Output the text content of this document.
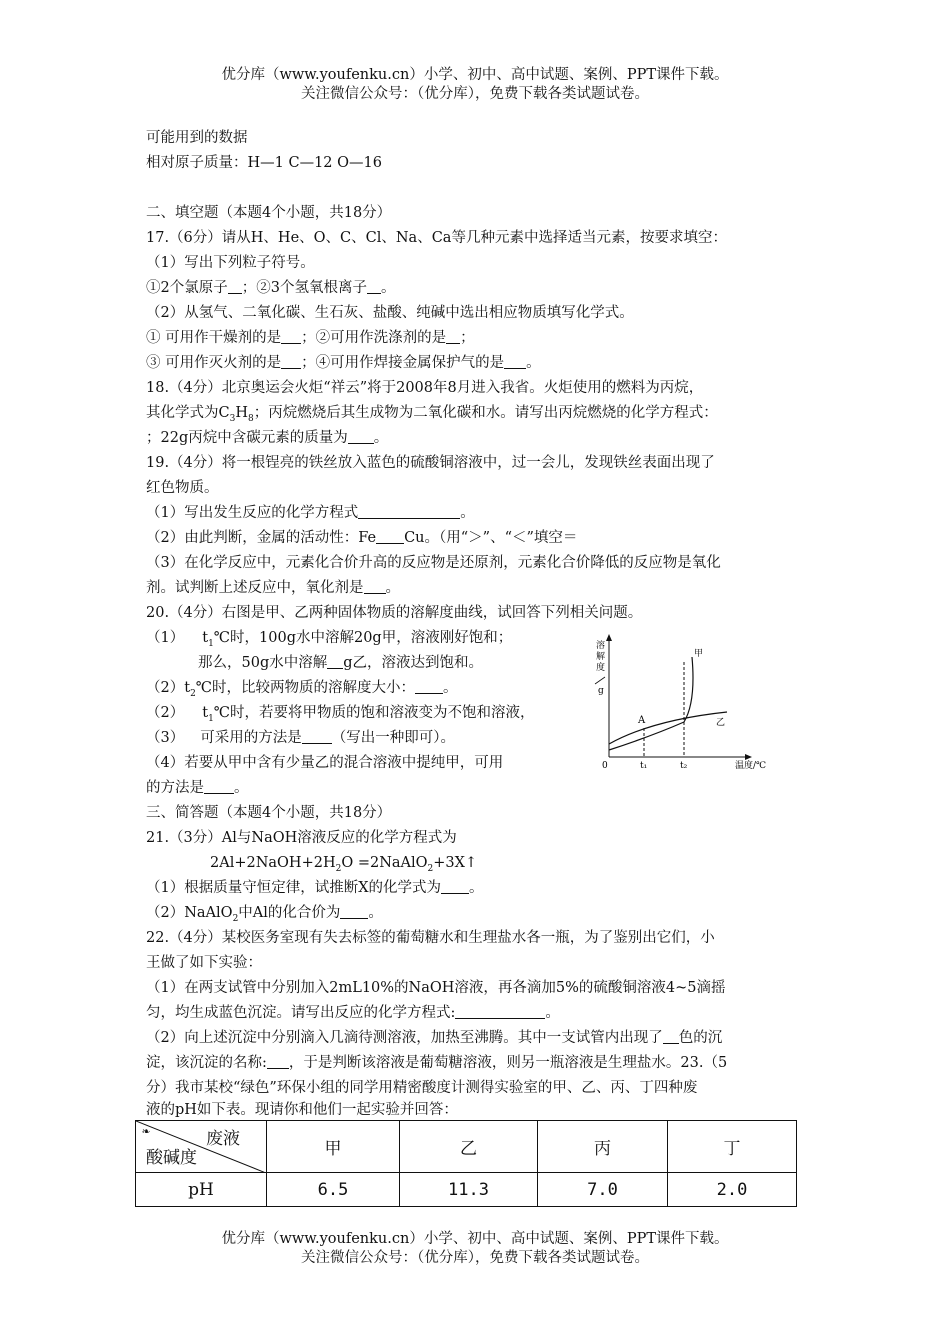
优分库（www.youfenku.cn）小学、初中、高中试题、案例、PPT课件下载。
关注微信公众号：（优分库），免费下载各类试题试卷。
可能用到的数据
相对原子质量：H—1 C—12 O—16
二、填空题（本题4个小题，共18分）
17.（6分）请从H、He、O、C、Cl、Na、Ca等几种元素中选择适当元素，按要求填空：
（1）写出下列粒子符号。
①2个氯原子 ；②3个氢氧根离子 。
（2）从氢气、二氧化碳、生石灰、盐酸、纯碱中选出相应物质填写化学式。
① 可用作干燥剂的是 ；②可用作洗涤剂的是 ；
③ 可用作灭火剂的是 ；④可用作焊接金属保护气的是 。
18.（4分）北京奥运会火炬“祥云”将于2008年8月进入我省。火炬使用的燃料为丙烷，
其化学式为$C_3H_8$；丙烷燃烧后其生成物为二氧化碳和水。请写出丙烷燃烧的化学方程式：
；22g丙烷中含碳元素的质量为 。
19.（4分）将一根锃亮的铁丝放入蓝色的硫酸铜溶液中，过一会儿，发现铁丝表面出现了
红色物质。
（1）写出发生反应的化学方程式	。
（2）由此判断，金属的活动性：Fe Cu。（用“＞”、“＜”填空＝
（3）在化学反应中，元素化合价升高的反应物是还原剂，元素化合价降低的反应物是氧化
剂。试判断上述反应中，氧化剂是 。
20.（4分）右图是甲、乙两种固体物质的溶解度曲线，试回答下列相关问题。
（1） $t_1℃$时，100g水中溶解20g甲，溶液刚好饱和；
那么，50g水中溶解 g乙，溶液达到饱和。
$(2)t_2℃$时，比较两物质的溶解度大小： 。
（2） $t_1℃$时，若要将甲物质的饱和溶液变为不饱和溶液，
（3） 可采用的方法是 （写出一种即可）。
（4）若要从甲中含有少量乙的混合溶液中提纯甲，可用
的方法是 。
溶
解
度
g
A
甲
乙
0	t₁	t₂	温度/℃
三、简答题（本题4个小题，共18分）
21.（3分）Al与NaOH溶液反应的化学方程式为
$2Al+2NaOH+2H_2O$ =2NaAlO$_2$+3X↑
（1）根据质量守恒定律，试推断X的化学式为 。
（2）NaAlO$_2$中Al的化合价为 。
22.（4分）某校医务室现有失去标签的葡萄糖水和生理盐水各一瓶，为了鉴别出它们，小
王做了如下实验：
（1）在两支试管中分别加入2mL10%的NaOH溶液，再各滴加5%的硫酸铜溶液4~5滴摇
匀，均生成蓝色沉淀。请写出反应的化学方程式:	。
（2）向上述沉淀中分别滴入几滴待测溶液，加热至沸腾。其中一支试管内出现了 色的沉
淀，该沉淀的名称: ，于是判断该溶液是葡萄糖溶液，则另一瓶溶液是生理盐水。23.（5
分）我市某校“绿色”环保小组的同学用精密酸度计测得实验室的甲、乙、丙、丁四种废
液的pH如下表。现请你和他们一起实验并回答：
废液
酸碱度
❧	甲	乙	丙	丁
pH	6.5	11.3	7.0	2.0
优分库（www.youfenku.cn）小学、初中、高中试题、案例、PPT课件下载。
关注微信公众号：（优分库），免费下载各类试题试卷。
